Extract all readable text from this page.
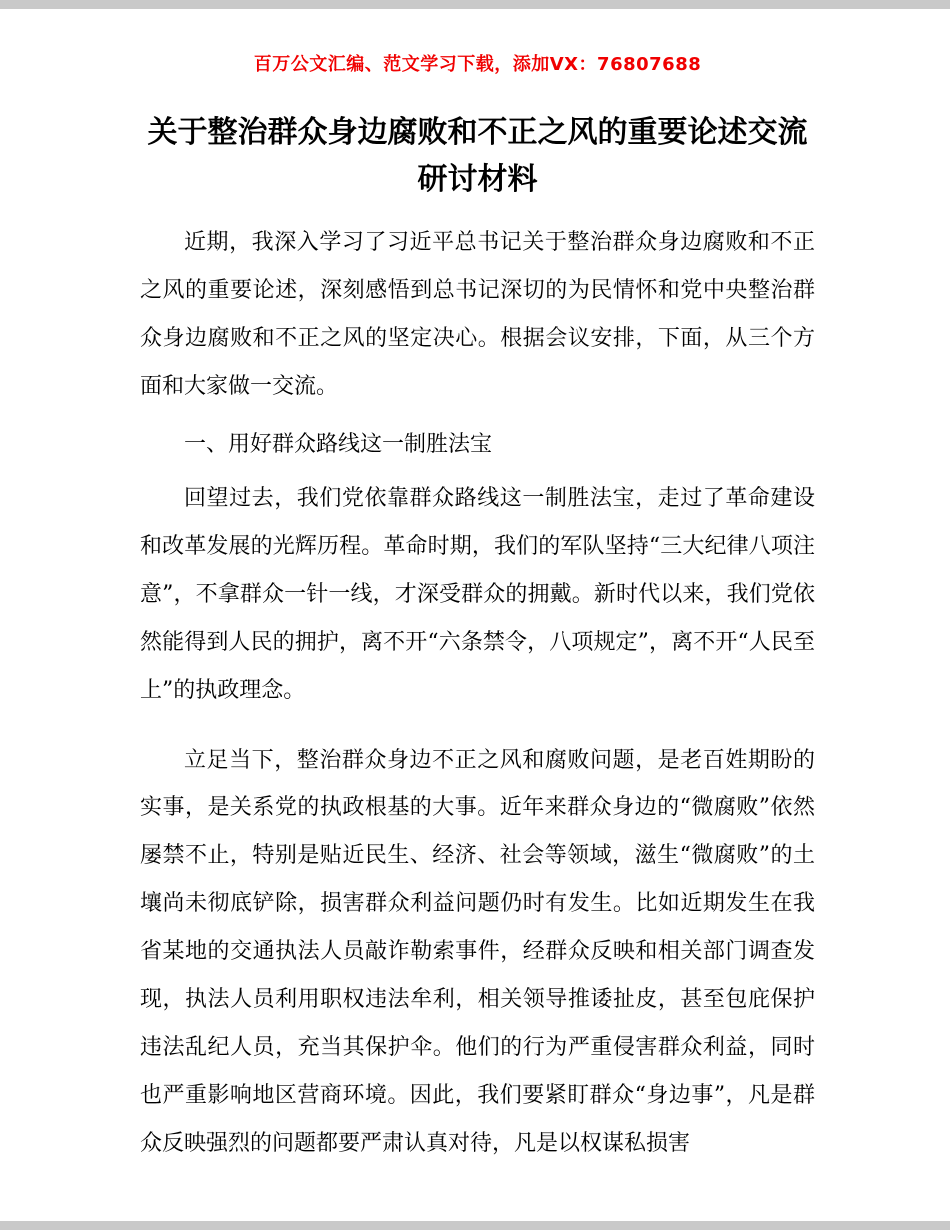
百万公文汇编、范文学习下载，添加VX：76807688
关于整治群众身边腐败和不正之风的重要论述交流研讨材料

近期，我深入学习了习近平总书记关于整治群众身边腐败和不正之风的重要论述，深刻感悟到总书记深切的为民情怀和党中央整治群众身边腐败和不正之风的坚定决心。根据会议安排，下面，从三个方面和大家做一交流。

一、用好群众路线这一制胜法宝

回望过去，我们党依靠群众路线这一制胜法宝，走过了革命建设和改革发展的光辉历程。革命时期，我们的军队坚持“三大纪律八项注意”，不拿群众一针一线，才深受群众的拥戴。新时代以来，我们党依然能得到人民的拥护，离不开“六条禁令，八项规定”，离不开“人民至上”的执政理念。

立足当下，整治群众身边不正之风和腐败问题，是老百姓期盼的实事，是关系党的执政根基的大事。近年来群众身边的“微腐败”依然屡禁不止，特别是贴近民生、经济、社会等领域，滋生“微腐败”的土壤尚未彻底铲除，损害群众利益问题仍时有发生。比如近期发生在我省某地的交通执法人员敲诈勒索事件，经群众反映和相关部门调查发现，执法人员利用职权违法牟利，相关领导推诿扯皮，甚至包庇保护违法乱纪人员，充当其保护伞。他们的行为严重侵害群众利益，同时也严重影响地区营商环境。因此，我们要紧盯群众“身边事”，凡是群众反映强烈的问题都要严肃认真对待，凡是以权谋私损害
